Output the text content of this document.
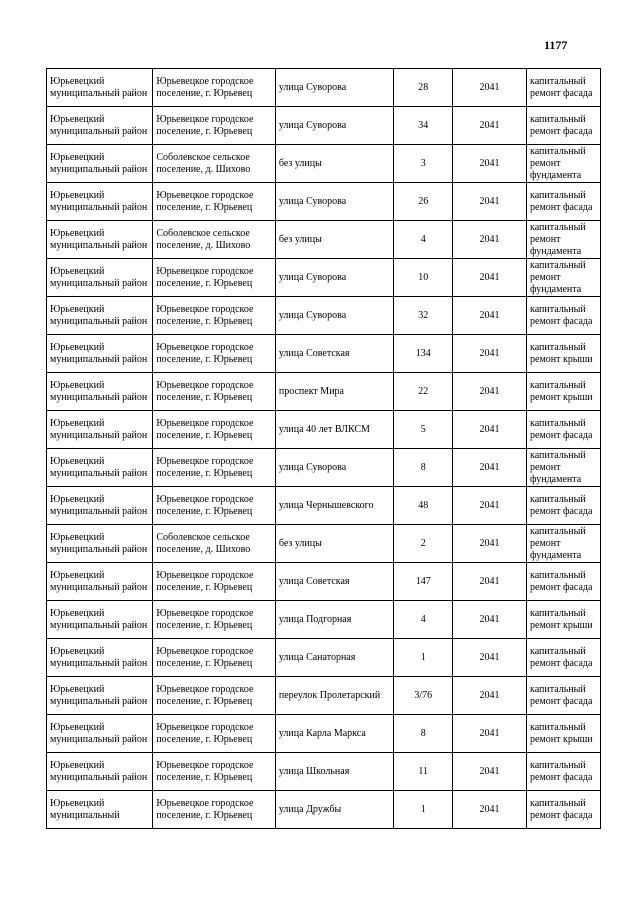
1177
Юрьевецкий муниципальный район	Юрьевецкое городское поселение, г. Юрьевец	улица Суворова	28	2041	капитальный ремонт фасада
Юрьевецкий муниципальный район	Юрьевецкое городское поселение, г. Юрьевец	улица Суворова	34	2041	капитальный ремонт фасада
Юрьевецкий муниципальный район	Соболевское сельское поселение, д. Шихово	без улицы	3	2041	капитальный ремонт фундамента
Юрьевецкий муниципальный район	Юрьевецкое городское поселение, г. Юрьевец	улица Суворова	26	2041	капитальный ремонт фасада
Юрьевецкий муниципальный район	Соболевское сельское поселение, д. Шихово	без улицы	4	2041	капитальный ремонт фундамента
Юрьевецкий муниципальный район	Юрьевецкое городское поселение, г. Юрьевец	улица Суворова	10	2041	капитальный ремонт фундамента
Юрьевецкий муниципальный район	Юрьевецкое городское поселение, г. Юрьевец	улица Суворова	32	2041	капитальный ремонт фасада
Юрьевецкий муниципальный район	Юрьевецкое городское поселение, г. Юрьевец	улица Советская	134	2041	капитальный ремонт крыши
Юрьевецкий муниципальный район	Юрьевецкое городское поселение, г. Юрьевец	проспект Мира	22	2041	капитальный ремонт крыши
Юрьевецкий муниципальный район	Юрьевецкое городское поселение, г. Юрьевец	улица 40 лет ВЛКСМ	5	2041	капитальный ремонт фасада
Юрьевецкий муниципальный район	Юрьевецкое городское поселение, г. Юрьевец	улица Суворова	8	2041	капитальный ремонт фундамента
Юрьевецкий муниципальный район	Юрьевецкое городское поселение, г. Юрьевец	улица Чернышевского	48	2041	капитальный ремонт фасада
Юрьевецкий муниципальный район	Соболевское сельское поселение, д. Шихово	без улицы	2	2041	капитальный ремонт фундамента
Юрьевецкий муниципальный район	Юрьевецкое городское поселение, г. Юрьевец	улица Советская	147	2041	капитальный ремонт фасада
Юрьевецкий муниципальный район	Юрьевецкое городское поселение, г. Юрьевец	улица Подгорная	4	2041	капитальный ремонт крыши
Юрьевецкий муниципальный район	Юрьевецкое городское поселение, г. Юрьевец	улица Санаторная	1	2041	капитальный ремонт фасада
Юрьевецкий муниципальный район	Юрьевецкое городское поселение, г. Юрьевец	переулок Пролетарский	3/76	2041	капитальный ремонт фасада
Юрьевецкий муниципальный район	Юрьевецкое городское поселение, г. Юрьевец	улица Карла Маркса	8	2041	капитальный ремонт крыши
Юрьевецкий муниципальный район	Юрьевецкое городское поселение, г. Юрьевец	улица Школьная	11	2041	капитальный ремонт фасада
Юрьевецкий муниципальный	Юрьевецкое городское поселение, г. Юрьевец	улица Дружбы	1	2041	капитальный ремонт фасада
